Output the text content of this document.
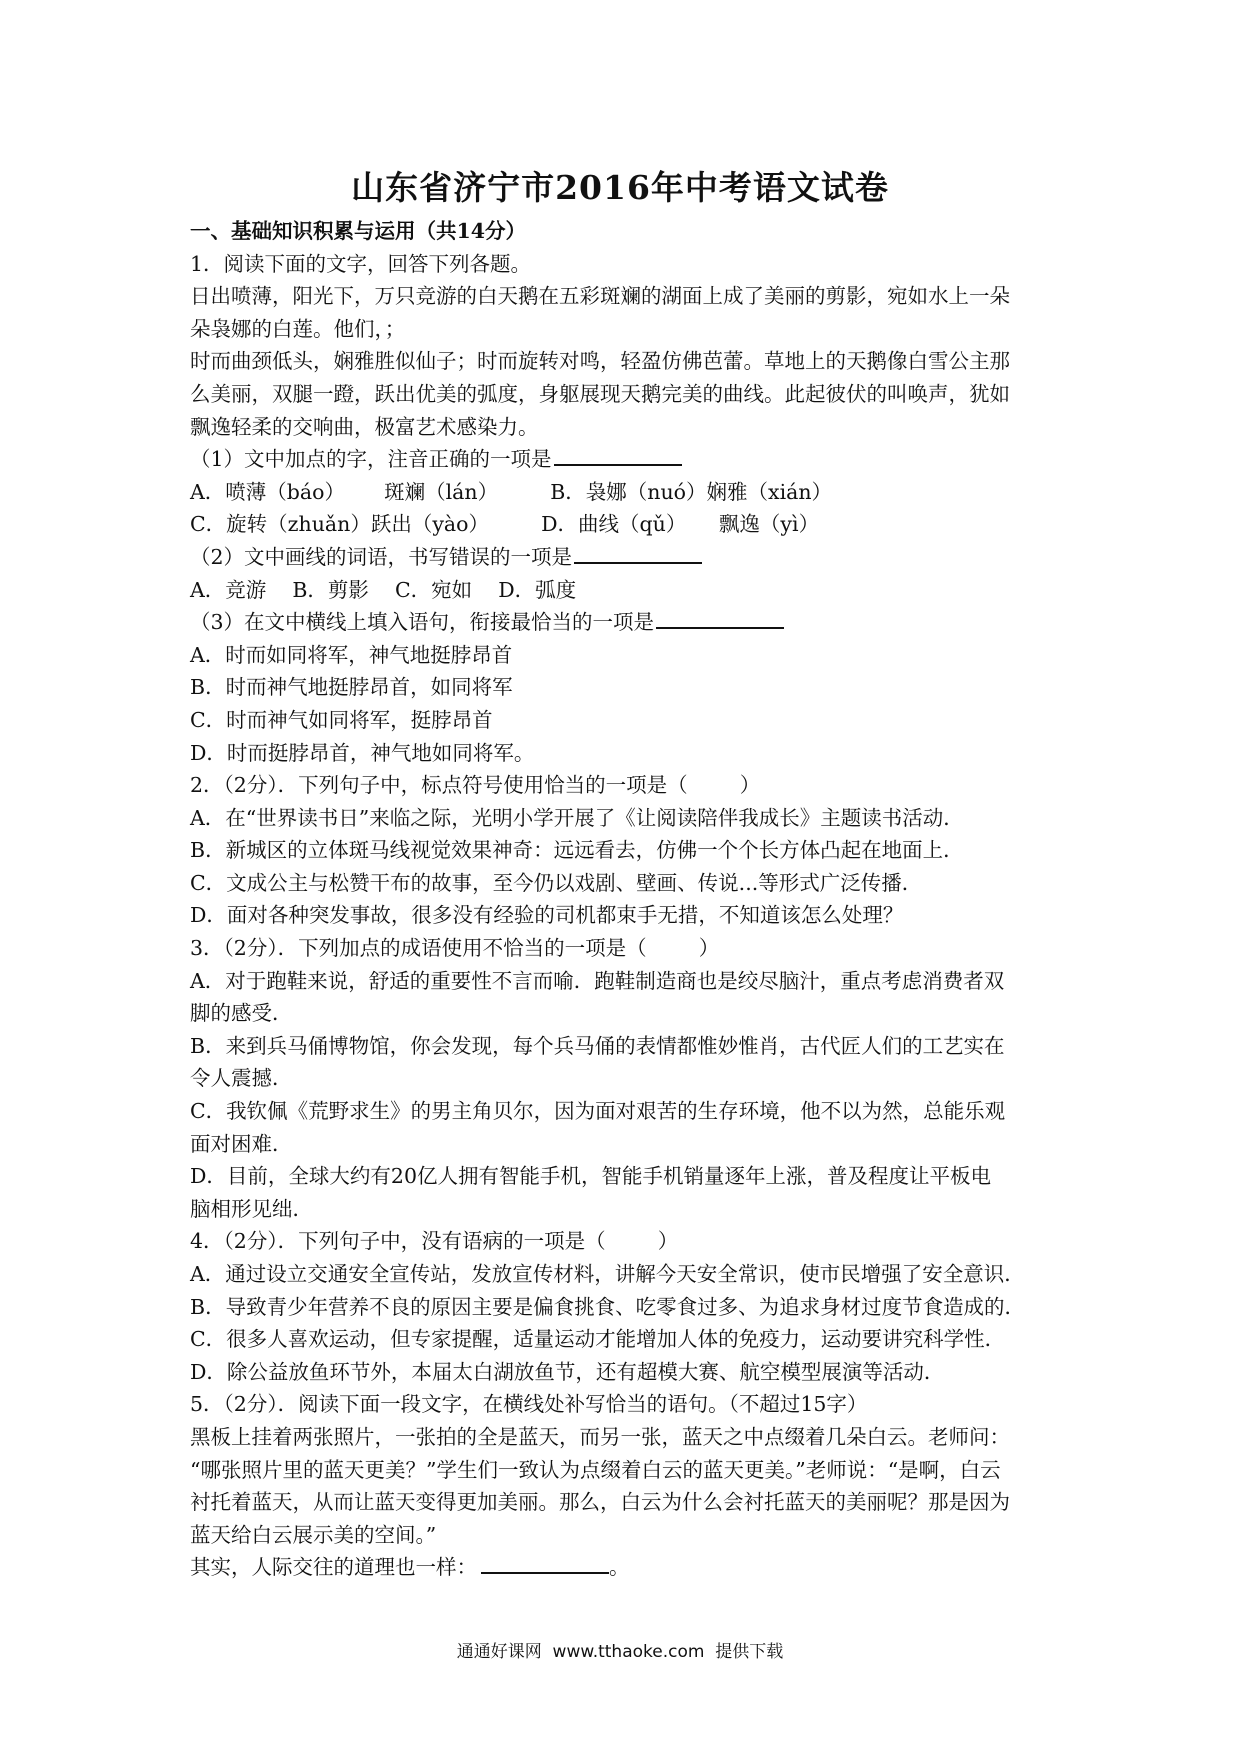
山东省济宁市2016年中考语文试卷
一、基础知识积累与运用（共14分）
1．阅读下面的文字，回答下列各题。
日出喷薄，阳光下，万只竞游的白天鹅在五彩斑斓的湖面上成了美丽的剪影，宛如水上一朵
朵袅娜的白莲。他们，；
时而曲颈低头，娴雅胜似仙子；时而旋转对鸣，轻盈仿佛芭蕾。草地上的天鹅像白雪公主那
么美丽，双腿一蹬，跃出优美的弧度，身躯展现天鹅完美的曲线。此起彼伏的叫唤声，犹如
飘逸轻柔的交响曲，极富艺术感染力。
（1）文中加点的字，注音正确的一项是
A．喷薄（báo）      斑斓（lán）        B．袅娜（nuó）娴雅（xián）
C．旋转（zhuǎn）跃出（yào）        D．曲线（qǔ）     飘逸（yì）
（2）文中画线的词语，书写错误的一项是
A．竞游    B．剪影    C．宛如    D．弧度
（3）在文中横线上填入语句，衔接最恰当的一项是
A．时而如同将军，神气地挺脖昂首
B．时而神气地挺脖昂首，如同将军
C．时而神气如同将军，挺脖昂首
D．时而挺脖昂首，神气地如同将军。
2．（2分）．下列句子中，标点符号使用恰当的一项是（        ）
A．在“世界读书日”来临之际，光明小学开展了《让阅读陪伴我成长》主题读书活动．
B．新城区的立体斑马线视觉效果神奇：远远看去，仿佛一个个长方体凸起在地面上．
C．文成公主与松赞干布的故事，至今仍以戏剧、壁画、传说...等形式广泛传播．
D．面对各种突发事故，很多没有经验的司机都束手无措，不知道该怎么处理？
3．（2分）．下列加点的成语使用不恰当的一项是（        ）
A．对于跑鞋来说，舒适的重要性不言而喻．跑鞋制造商也是绞尽脑汁，重点考虑消费者双
脚的感受．
B．来到兵马俑博物馆，你会发现，每个兵马俑的表情都惟妙惟肖，古代匠人们的工艺实在
令人震撼．
C．我钦佩《荒野求生》的男主角贝尔，因为面对艰苦的生存环境，他不以为然，总能乐观
面对困难．
D．目前，全球大约有20亿人拥有智能手机，智能手机销量逐年上涨，普及程度让平板电
脑相形见绌．
4．（2分）．下列句子中，没有语病的一项是（        ）
A．通过设立交通安全宣传站，发放宣传材料，讲解今天安全常识，使市民增强了安全意识．
B．导致青少年营养不良的原因主要是偏食挑食、吃零食过多、为追求身材过度节食造成的．
C．很多人喜欢运动，但专家提醒，适量运动才能增加人体的免疫力，运动要讲究科学性．
D．除公益放鱼环节外，本届太白湖放鱼节，还有超模大赛、航空模型展演等活动．
5．（2分）．阅读下面一段文字，在横线处补写恰当的语句。（不超过15字）
黑板上挂着两张照片，一张拍的全是蓝天，而另一张，蓝天之中点缀着几朵白云。老师问：
“哪张照片里的蓝天更美？”学生们一致认为点缀着白云的蓝天更美。”老师说：“是啊，白云
衬托着蓝天，从而让蓝天变得更加美丽。那么，白云为什么会衬托蓝天的美丽呢？那是因为
蓝天给白云展示美的空间。”
其实，人际交往的道理也一样：	。
通通好课网  www.tthaoke.com  提供下载
